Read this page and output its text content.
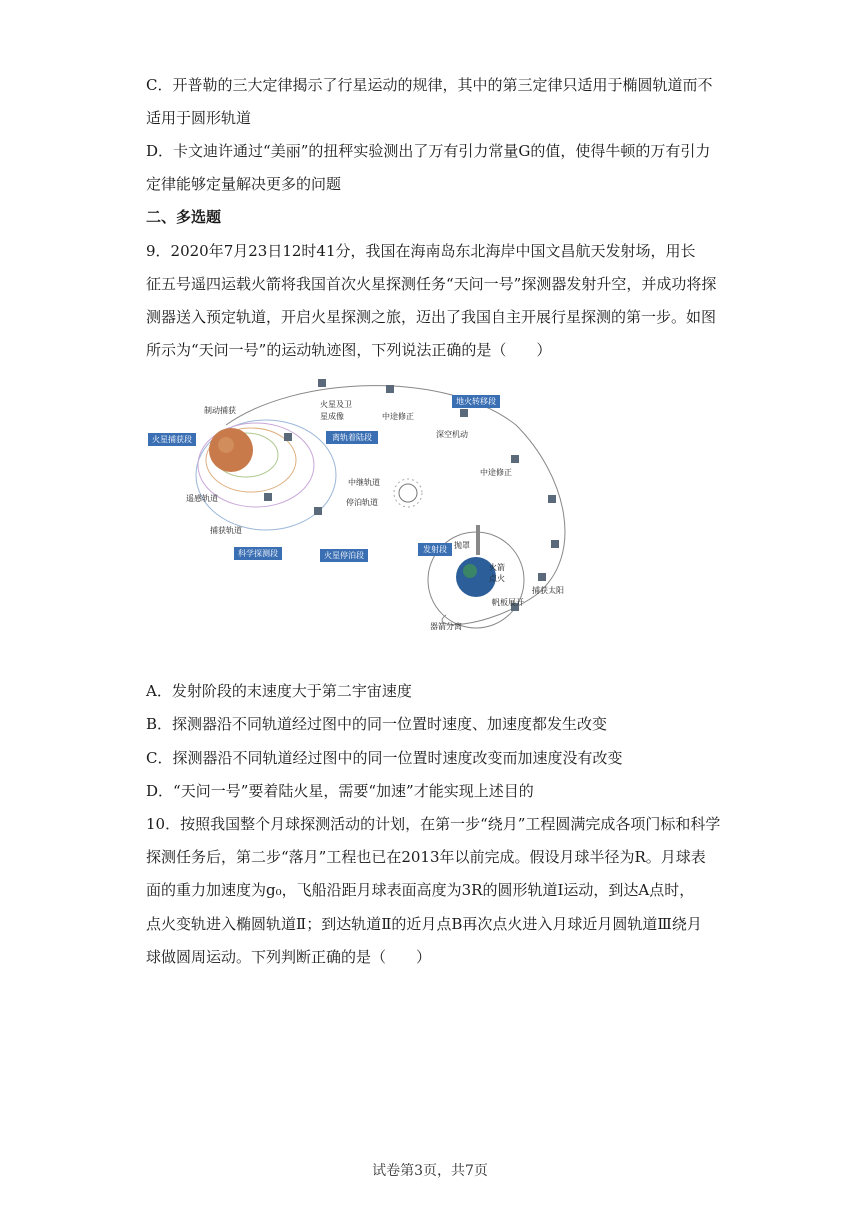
C．开普勒的三大定律揭示了行星运动的规律，其中的第三定律只适用于椭圆轨道而不
适用于圆形轨道
D．卡文迪许通过“美丽”的扭秤实验测出了万有引力常量G的值，使得牛顿的万有引力
定律能够定量解决更多的问题
二、多选题
9．2020年7月23日12时41分，我国在海南岛东北海岸中国文昌航天发射场，用长
征五号遥四运载火箭将我国首次火星探测任务“天问一号”探测器发射升空，并成功将探
测器送入预定轨道，开启火星探测之旅，迈出了我国自主开展行星探测的第一步。如图
所示为“天问一号”的运动轨迹图，下列说法正确的是（　　）
火星捕获段	离轨着陆段
地火转移段
科学探测段	火星停泊段
发射段
制动捕获
火星及卫
星成像	中途修正
深空机动
中途修正
中继轨道
停泊轨道
遥感轨道
捕获轨道
捕获太阳
抛罩
火箭
点火
帆板展开
器箭分离
A．发射阶段的末速度大于第二宇宙速度
B．探测器沿不同轨道经过图中的同一位置时速度、加速度都发生改变
C．探测器沿不同轨道经过图中的同一位置时速度改变而加速度没有改变
D．“天问一号”要着陆火星，需要“加速”才能实现上述目的
10．按照我国整个月球探测活动的计划，在第一步“绕月”工程圆满完成各项门标和科学
探测任务后，第二步“落月”工程也已在2013年以前完成。假设月球半径为R。月球表
面的重力加速度为g₀，飞船沿距月球表面高度为3R的圆形轨道Ⅰ运动，到达A点时，
点火变轨进入椭圆轨道Ⅱ；到达轨道Ⅱ的近月点B再次点火进入月球近月圆轨道Ⅲ绕月
球做圆周运动。下列判断正确的是（　　）
试卷第3页，共7页
